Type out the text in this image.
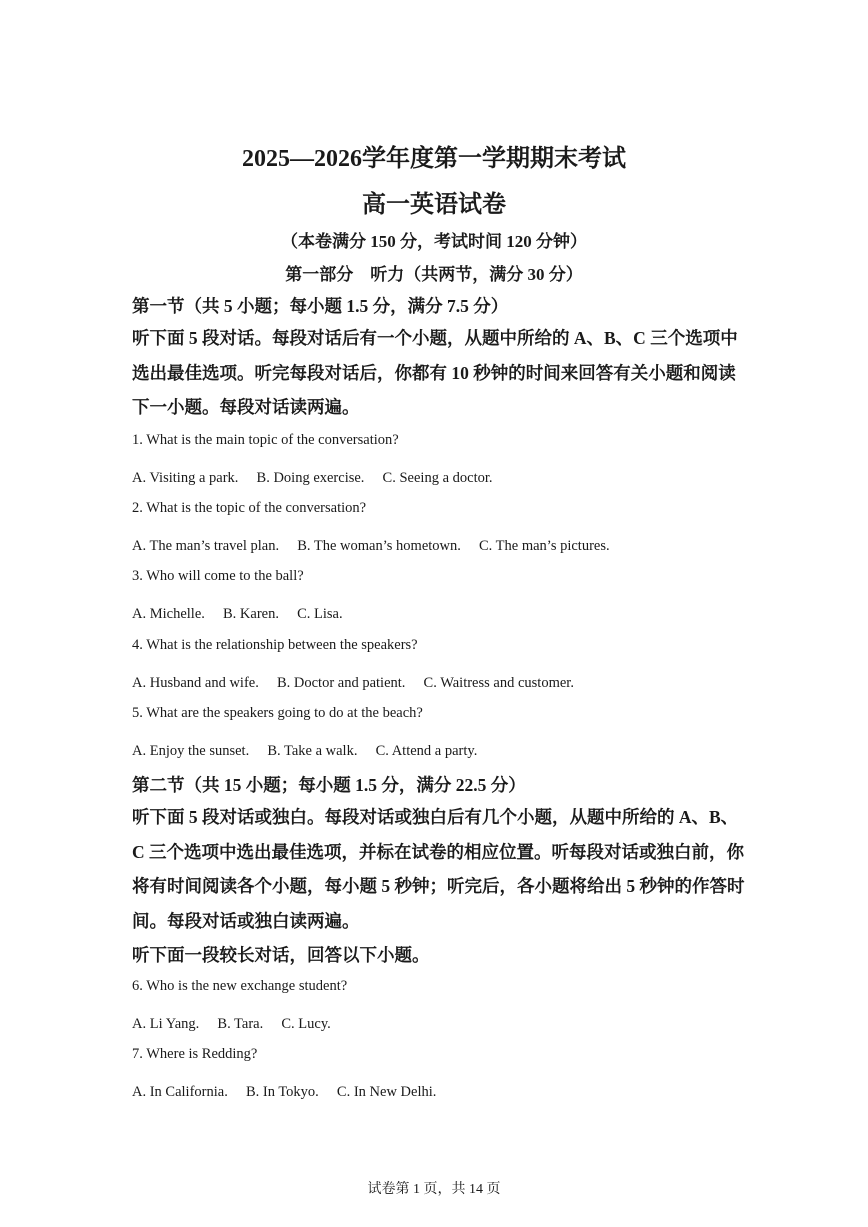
2025—2026学年度第一学期期末考试
高一英语试卷
（本卷满分 150 分，考试时间 120 分钟）
第一部分　听力（共两节，满分 30 分）
第一节（共 5 小题；每小题 1.5 分，满分 7.5 分）
听下面 5 段对话。每段对话后有一个小题，从题中所给的 A、B、C 三个选项中选出最佳选项。听完每段对话后，你都有 10 秒钟的时间来回答有关小题和阅读下一小题。每段对话读两遍。
1. What is the main topic of the conversation?
A. Visiting a park.　 B. Doing exercise.　 C. Seeing a doctor.
2. What is the topic of the conversation?
A. The man’s travel plan.　 B. The woman’s hometown.　 C. The man’s pictures.
3. Who will come to the ball?
A. Michelle.　 B. Karen.　 C. Lisa.
4. What is the relationship between the speakers?
A. Husband and wife.　 B. Doctor and patient.　 C. Waitress and customer.
5. What are the speakers going to do at the beach?
A. Enjoy the sunset.　 B. Take a walk.　 C. Attend a party.
第二节（共 15 小题；每小题 1.5 分，满分 22.5 分）
听下面 5 段对话或独白。每段对话或独白后有几个小题，从题中所给的 A、B、C 三个选项中选出最佳选项，并标在试卷的相应位置。听每段对话或独白前，你将有时间阅读各个小题，每小题 5 秒钟；听完后，各小题将给出 5 秒钟的作答时间。每段对话或独白读两遍。
听下面一段较长对话，回答以下小题。
6. Who is the new exchange student?
A. Li Yang.　 B. Tara.　 C. Lucy.
7. Where is Redding?
A. In California.　 B. In Tokyo.　 C. In New Delhi.
试卷第 1 页，共 14 页
